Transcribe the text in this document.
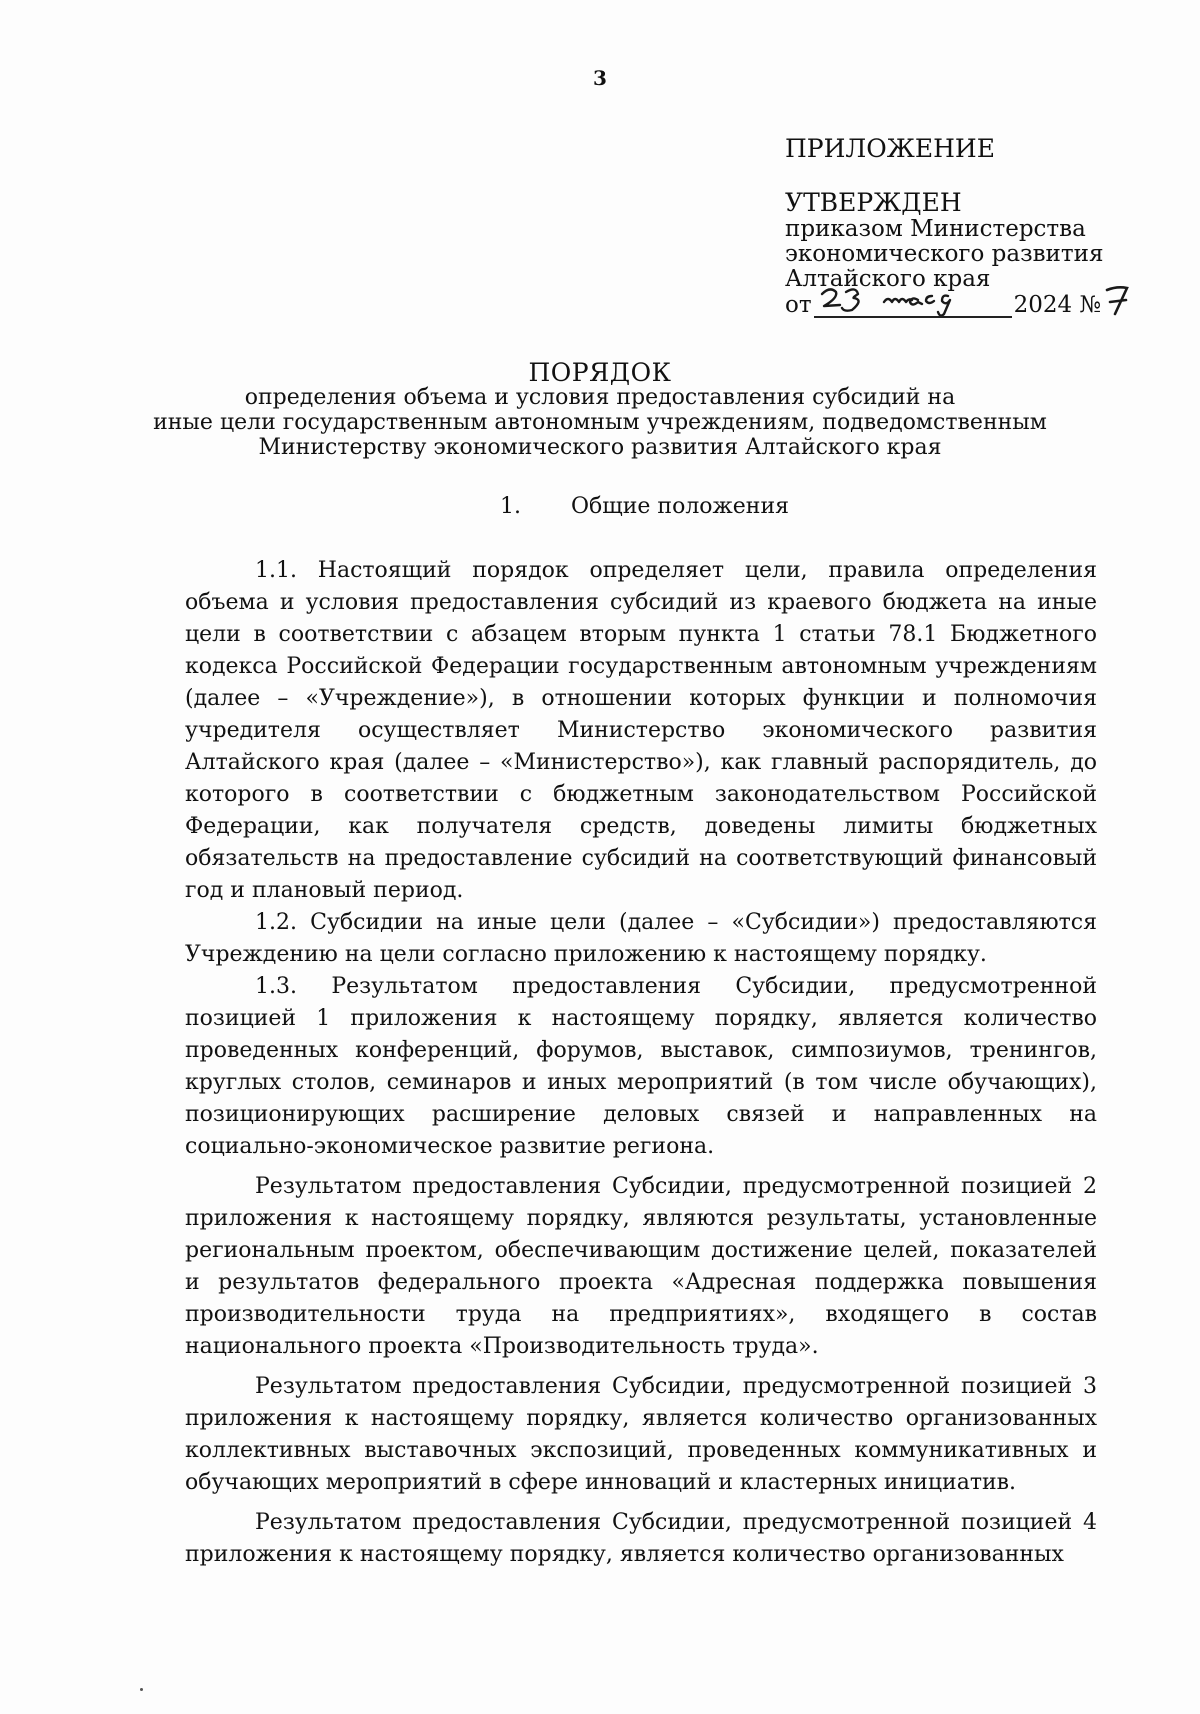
3
ПРИЛОЖЕНИЕ
УТВЕРЖДЕН
приказом Министерства
экономического развития
Алтайского края
от	2024 №
ПОРЯДОК
определения объема и условия предоставления субсидий на
иные цели государственным автономным учреждениям, подведомственным
Министерству экономического развития Алтайского края
1. Общие положения

1.1. Настоящий порядок определяет цели, правила определения объема и условия предоставления субсидий из краевого бюджета на иные цели в соответствии с абзацем вторым пункта 1 статьи 78.1 Бюджетного кодекса Российской Федерации государственным автономным учреждениям (далее – «Учреждение»), в отношении которых функции и полномочия учредителя осуществляет Министерство экономического развития Алтайского края (далее – «Министерство»), как главный распорядитель, до которого в соответствии с бюджетным законодательством Российской Федерации, как получателя средств, доведены лимиты бюджетных обязательств на предоставление субсидий на соответствующий финансовый год и плановый период.

1.2. Субсидии на иные цели (далее – «Субсидии») предоставляются Учреждению на цели согласно приложению к настоящему порядку.

1.3. Результатом предоставления Субсидии, предусмотренной позицией 1 приложения к настоящему порядку, является количество проведенных конференций, форумов, выставок, симпозиумов, тренингов, круглых столов, семинаров и иных мероприятий (в том числе обучающих), позиционирующих расширение деловых связей и направленных на социально-экономическое развитие региона.

Результатом предоставления Субсидии, предусмотренной позицией 2 приложения к настоящему порядку, являются результаты, установленные региональным проектом, обеспечивающим достижение целей, показателей и результатов федерального проекта «Адресная поддержка повышения производительности труда на предприятиях», входящего в состав национального проекта «Производительность труда».

Результатом предоставления Субсидии, предусмотренной позицией 3 приложения к настоящему порядку, является количество организованных коллективных выставочных экспозиций, проведенных коммуникативных и обучающих мероприятий в сфере инноваций и кластерных инициатив.

Результатом предоставления Субсидии, предусмотренной позицией 4 приложения к настоящему порядку, является количество организованных
